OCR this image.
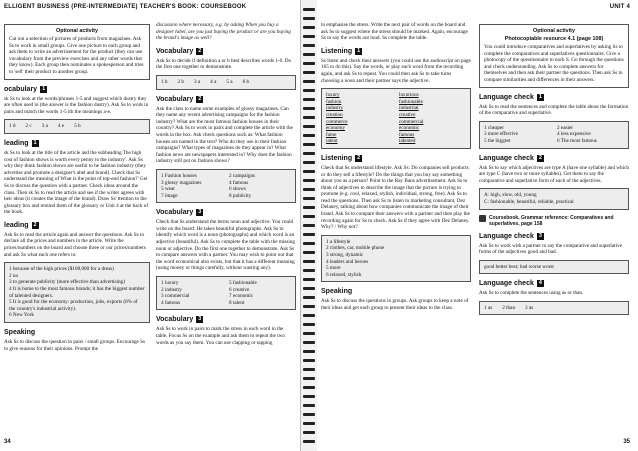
ELLIGENT BUSINESS (PRE-INTERMEDIATE) TEACHER'S BOOK: COURSEBOOK
Optional activity
Cut out a selection of pictures of products from magazines. Ask Ss to work in small groups. Give one picture to each group and ask them to write an advertisement for the product (they can use vocabulary from the preview exercises and any other words that they know). Each group then nominates a spokesperson and tries to 'sell' their product to another group.
ocabulary 1

sk Ss to look at the words/phrases 1-5 and suggest which dustry they are often used in (the answer is the fashion dustry). Ask Ss to work in pairs and match the words 1-5 ith the meanings a-e.

1 d 2 c 3 a 4 e 5 b
leading 1

sk Ss to look at the title of the article and the subheading The high cost of fashion shows is worth every penny to the industry'. Ask Ss why they think fashion shows are useful to he fashion industry (they advertise and promote a designer's abel and brand). Check that Ss understand the meaning of What is the point of top-end fashion?' Get Ss to discuss the question with a partner. Check ideas around the class. Then sk Ss to read the article and see if the writer agrees with heir ideas (it creates the image of the brand). Draw Ss' ttention to the glossary box and remind them of the glossary or Unit 4 at the back of the book.

leading 2

Ask Ss to read the article again and answer the questions. Ask Ss to declare all the prices and numbers in the article. Write the prices/numbers on the board and choose three or our prices/numbers and ask Ss what each one refers to.

1 because of the high prices ($100,000 for a dress)
2 no
3 to generate publicity (more effective than advertising)
4 It is home to the most famous brands; it has the biggest number of talented designers.
5 It is good for the economy: production, jobs, exports (8% of the country's industrial activity).
6 New York
Speaking

Ask Ss to discuss the question in pairs / small groups. Encourage Ss to give reasons for their opinions. Prompt the

discussion where necessary, e.g. by asking When you buy a designer label, are you just buying the product or are you buying the brand's image as well?

Vocabulary 2

Ask Ss to decide if definition a or b best describes words 1-6. Do the first one together to demonstrate.

1 b 2 b 3 a 4 a 5 a 6 b
Vocabulary 2

Ask the class to name some examples of glossy magazines. Can they name any recent advertising campaigns for the fashion industry? What are the most famous fashion houses in their country? Ask Ss to work in pairs and complete the article with the words in the box. Ask check questions such as: What fashion houses are named in the text? Who do they use in their fashion campaigns? What types of magazines do they appear in? What fashion news are newspapers interested in? Why does the fashion industry still put on fashion shows?

1 Fashion houses	2 campaigns
3 glossy magazines	4 famous
5 wear	6 shows
7 image	8 publicity
Vocabulary 3

Check that Ss understand the terms noun and adjective. You could write on the board: He takes beautiful photographs. Ask Ss to identify which word is a noun (photographs) and which word is an adjective (beautiful). Ask Ss to complete the table with the missing noun or adjective. Do the first one together to demonstrate. Ask Ss to compare answers with a partner. You may wish to point out that the word economical also exists, but that it has a different meaning (using money or things carefully, without wasting any).

1 luxury	5 fashionable
2 industry	6 creative
3 commercial	7 economic
4 famous	8 talent
Vocabulary 3

Ask Ss to work in pairs to mark the stress in each word in the table. Focus Ss on the example and ask them to repeat the two words as you say them. You can use clapping or tapping

34
UNIT 4

to emphasise the stress. Write the next pair of words on the board and ask Ss to suggest where the stress should be marked. Again, encourage Ss to say the words out loud. Ss complete the table.

Listening 1

Ss listen and check their answers (you could use the audioscript on page 165 to do this). Say the words, or play each word from the recording again, and ask Ss to repeat. You could then ask Ss to take turns choosing a noun and their partner says the adjective.

luxury	luxurious
fashion	fashionable
industry	industrial
creation	creative
commerce	commercial
economy	economic
fame	famous
talent	talented
Listening 2

Check that Ss understand lifestyle. Ask Ss: Do companies sell products or do they sell a lifestyle? Do the things that you buy say something about you as a person? Point to the Ray Bans advertisement. Ask Ss to think of adjectives to describe the image that the picture is trying to promote (e.g. cool, relaxed, stylish, individual, strong, free). Ask Ss to read the questions. Then ask Ss to listen to marketing consultant, Dez Delaney, talking about how companies communicate the image of their brand. Ask Ss to compare their answers with a partner and then play the recording again for Ss to check. Ask Ss if they agree with Dez Delaney. Why? / Why not?

1 a lifestyle
2 clothes, car, mobile phone
3 strong, dynamic
4 leaders and heroes
5 more
6 relaxed, stylish
Speaking

Ask Ss to discuss the questions in groups. Ask groups to keep a note of their ideas and get each group to present their ideas to the class.

Optional activity
Photocopiable resource 4.1 (page 108)
You could introduce comparatives and superlatives by asking Ss to complete the comparatives and superlatives questionnaire. Give a photocopy of the questionnaire to each S. Go through the questions and check understanding. Ask Ss to complete answers for themselves and then ask their partner the questions. Then ask Ss to compare similarities and differences in their answers.
Language check 1

Ask Ss to read the sentences and complete the table about the formation of the comparative and superlative.

1 cheaper	2 easier
3 more effective	4 less expensive
5 the biggest	6 The most famous
Language check 2

Ask Ss to say which adjectives are type A (have one syllable) and which are type C (have two or more syllables). Get them to say the comparative and superlative form of each of the adjectives.

A: high, slow, old, young
C: fashionable, beautiful, reliable, practical
Coursebook, Grammar reference: Comparatives and superlatives, page 158
Language check 3

Ask Ss to work with a partner to say the comparative and superlative forms of the adjectives good and bad.

good better best; bad worse worst
Language check 4

Ask Ss to complete the sentences using as or than.

1 as 2 than 3 as
35
